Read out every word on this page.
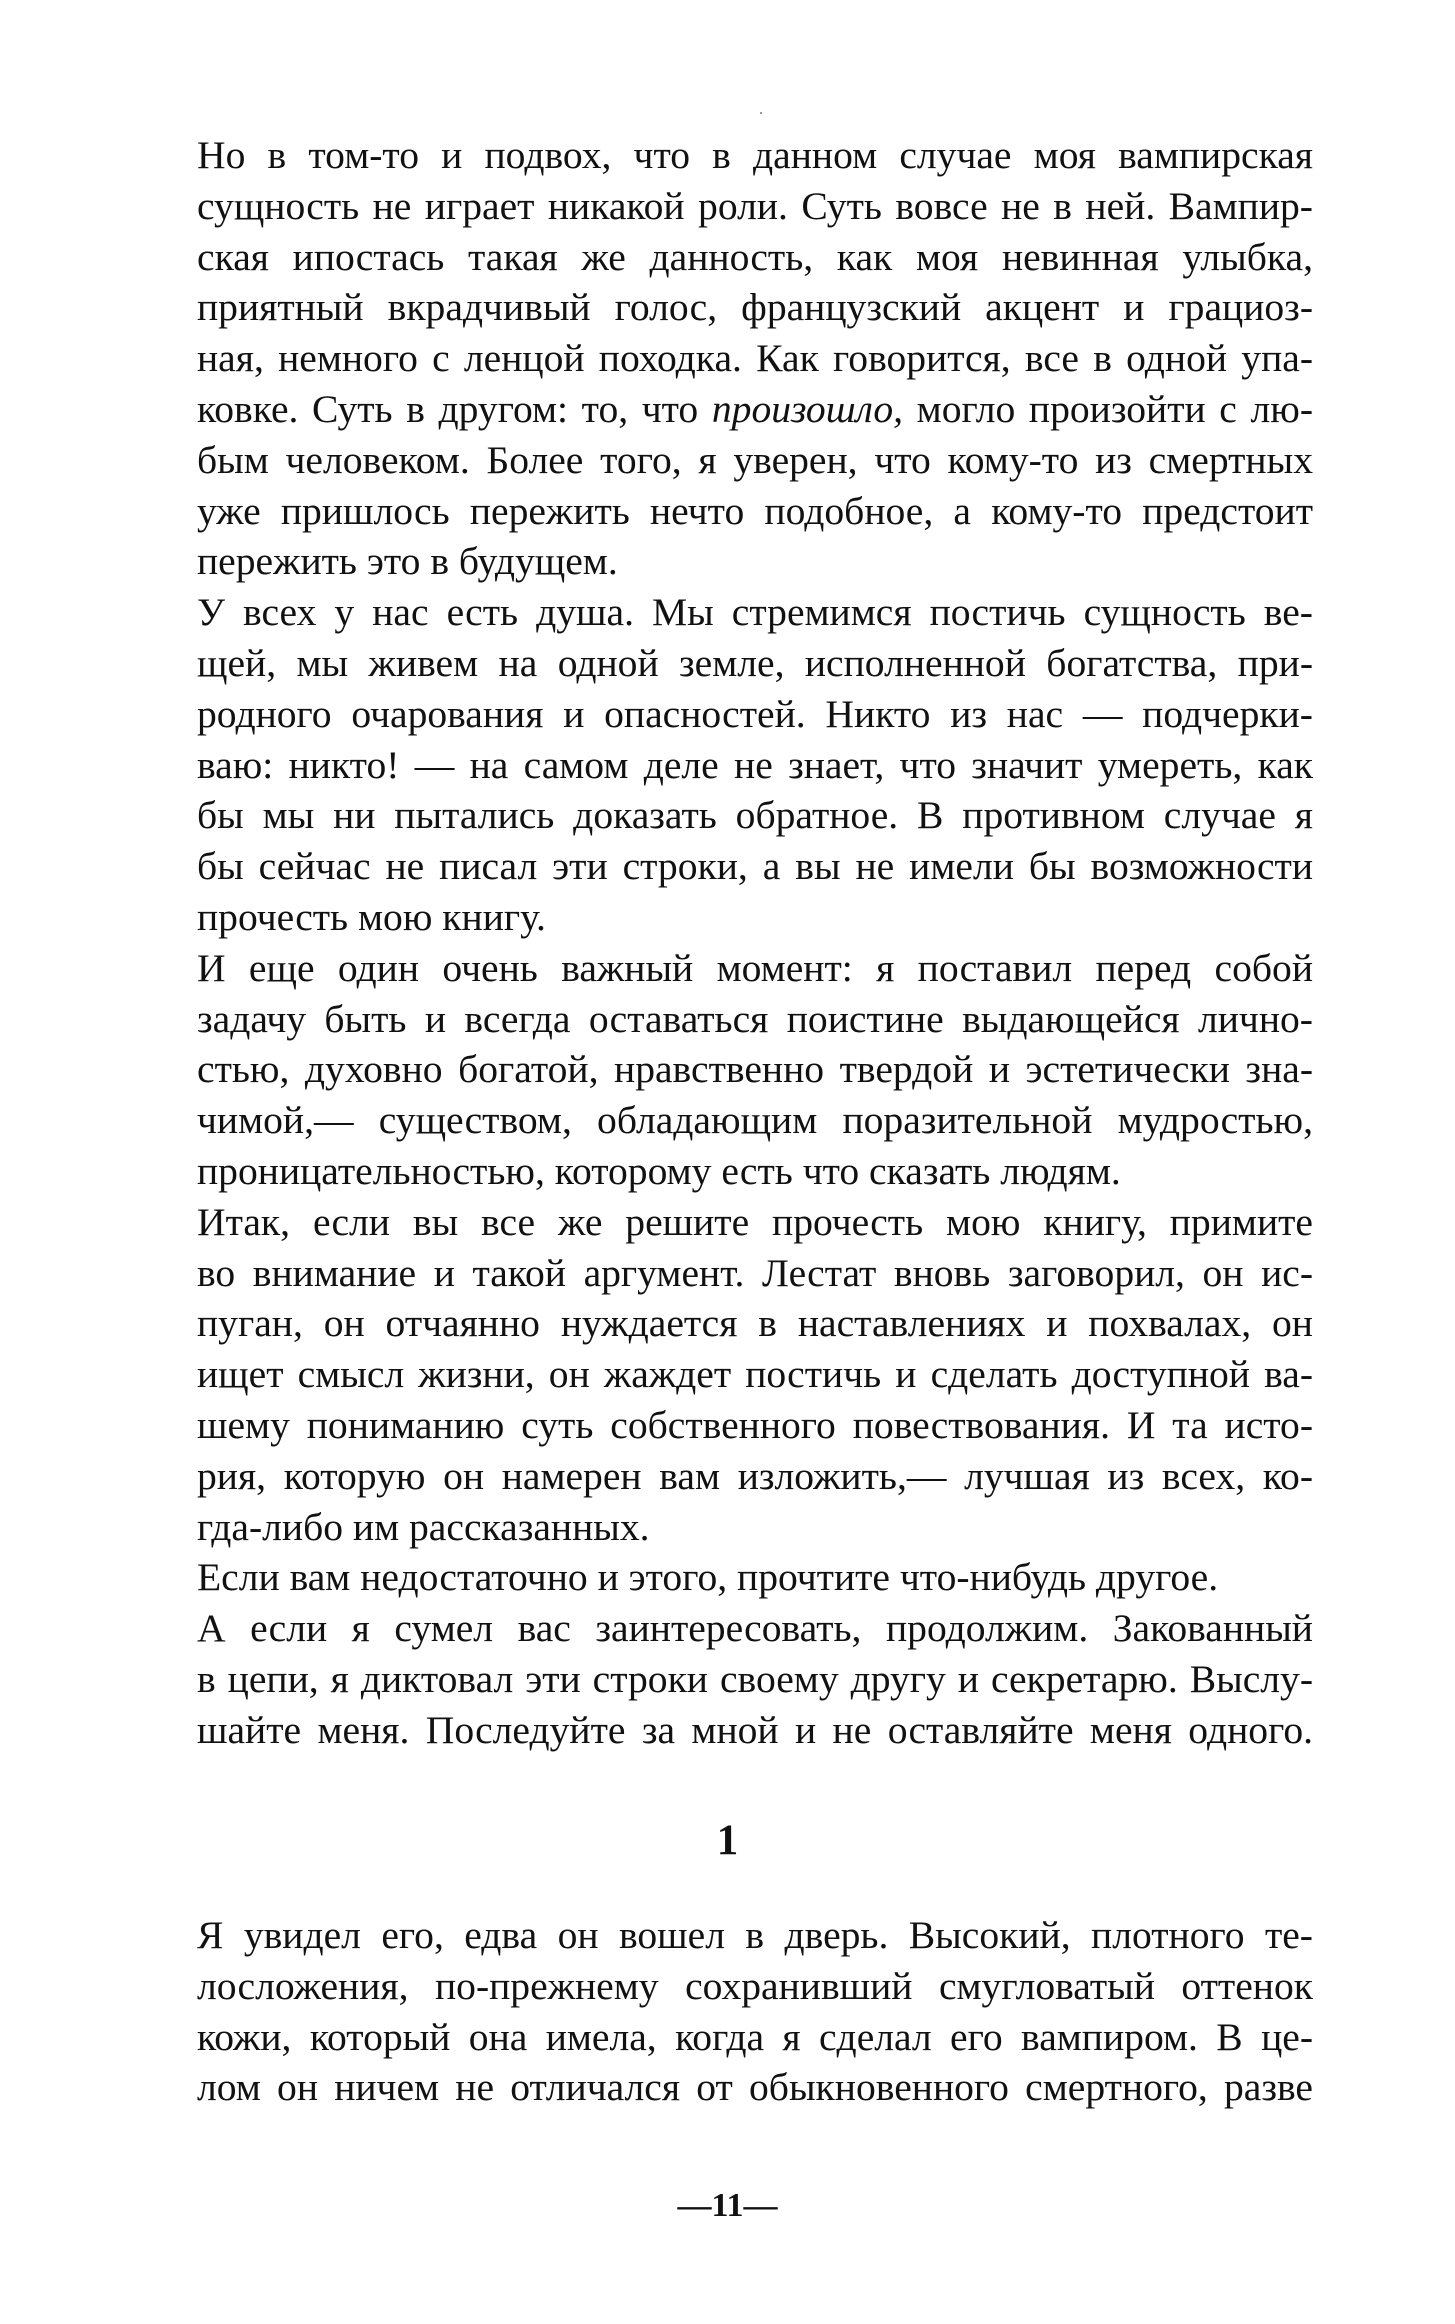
Но в том-то и подвох, что в данном случае моя вампирская
сущность не играет никакой роли. Суть вовсе не в ней. Вампир-
ская ипостась такая же данность, как моя невинная улыбка,
приятный вкрадчивый голос, французский акцент и грациоз-
ная, немного с ленцой походка. Как говорится, все в одной упа-
ковке. Суть в другом: то, что произошло, могло произойти с лю-
бым человеком. Более того, я уверен, что кому-то из смертных
уже пришлось пережить нечто подобное, а кому-то предстоит
пережить это в будущем.

У всех у нас есть душа. Мы стремимся постичь сущность ве-
щей, мы живем на одной земле, исполненной богатства, при-
родного очарования и опасностей. Никто из нас — подчерки-
ваю: никто! — на самом деле не знает, что значит умереть, как
бы мы ни пытались доказать обратное. В противном случае я
бы сейчас не писал эти строки, а вы не имели бы возможности
прочесть мою книгу.

И еще один очень важный момент: я поставил перед собой
задачу быть и всегда оставаться поистине выдающейся лично-
стью, духовно богатой, нравственно твердой и эстетически зна-
чимой,— существом, обладающим поразительной мудростью,
проницательностью, которому есть что сказать людям.

Итак, если вы все же решите прочесть мою книгу, примите
во внимание и такой аргумент. Лестат вновь заговорил, он ис-
пуган, он отчаянно нуждается в наставлениях и похвалах, он
ищет смысл жизни, он жаждет постичь и сделать доступной ва-
шему пониманию суть собственного повествования. И та исто-
рия, которую он намерен вам изложить,— лучшая из всех, ко-
гда-либо им рассказанных.

Если вам недостаточно и этого, прочтите что-нибудь другое.

А если я сумел вас заинтересовать, продолжим. Закованный
в цепи, я диктовал эти строки своему другу и секретарю. Выслу-
шайте меня. Последуйте за мной и не оставляйте меня одного.

1

Я увидел его, едва он вошел в дверь. Высокий, плотного те-
лосложения, по-прежнему сохранивший смугловатый оттенок
кожи, который она имела, когда я сделал его вампиром. В це-
лом он ничем не отличался от обыкновенного смертного, разве

—11—
